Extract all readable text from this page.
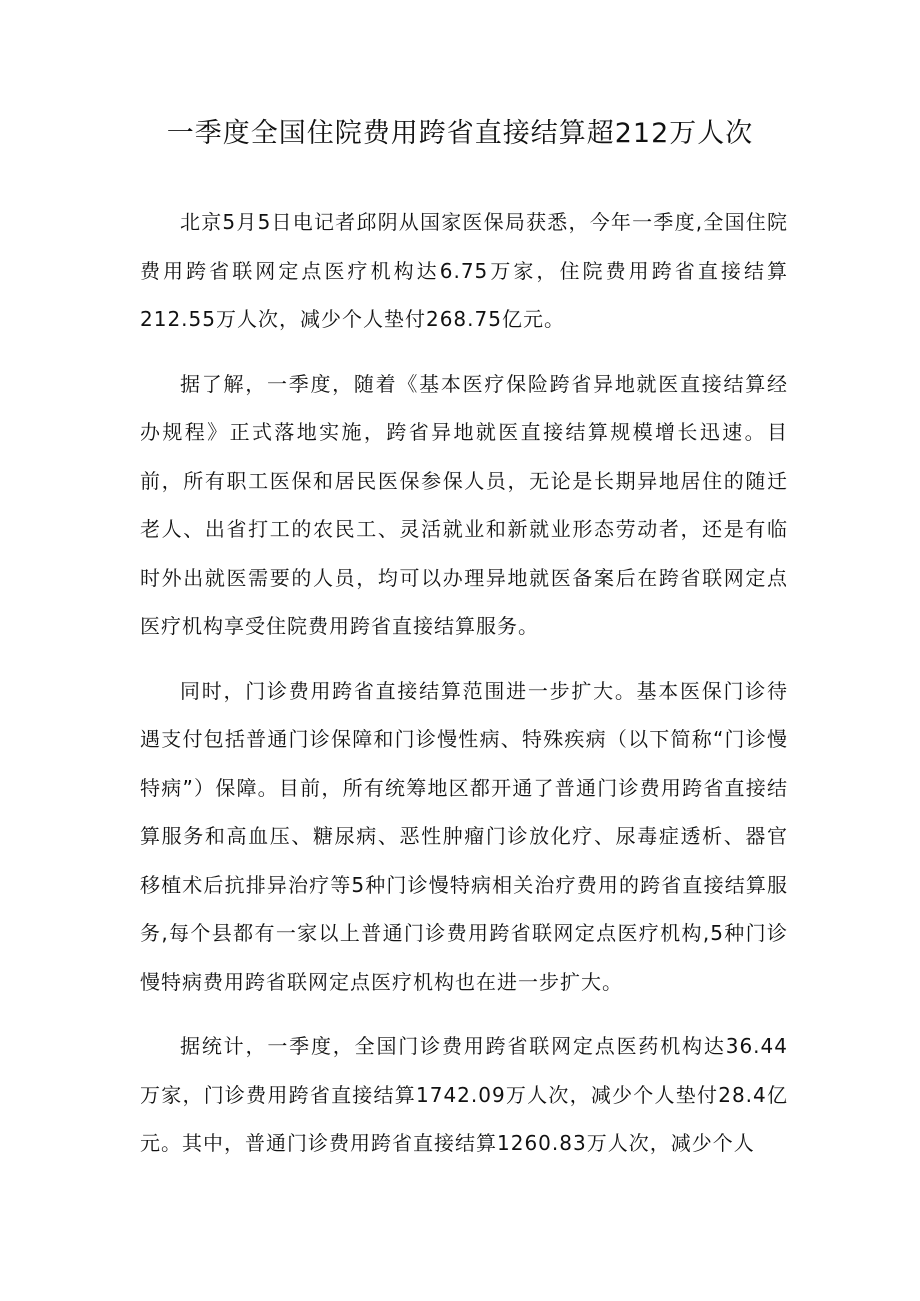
一季度全国住院费用跨省直接结算超212万人次

北京5月5日电记者邱阴从国家医保局获悉，今年一季度,全国住院费用跨省联网定点医疗机构达6.75万家，住院费用跨省直接结算212.55万人次，减少个人垫付268.75亿元。

据了解，一季度，随着《基本医疗保险跨省异地就医直接结算经办规程》正式落地实施，跨省异地就医直接结算规模增长迅速。目前，所有职工医保和居民医保参保人员，无论是长期异地居住的随迁老人、出省打工的农民工、灵活就业和新就业形态劳动者，还是有临时外出就医需要的人员，均可以办理异地就医备案后在跨省联网定点医疗机构享受住院费用跨省直接结算服务。

同时，门诊费用跨省直接结算范围进一步扩大。基本医保门诊待遇支付包括普通门诊保障和门诊慢性病、特殊疾病（以下简称“门诊慢特病”）保障。目前，所有统筹地区都开通了普通门诊费用跨省直接结算服务和高血压、糖尿病、恶性肿瘤门诊放化疗、尿毒症透析、器官移植术后抗排异治疗等5种门诊慢特病相关治疗费用的跨省直接结算服务,每个县都有一家以上普通门诊费用跨省联网定点医疗机构,5种门诊慢特病费用跨省联网定点医疗机构也在进一步扩大。

据统计，一季度，全国门诊费用跨省联网定点医药机构达36.44万家，门诊费用跨省直接结算1742.09万人次，减少个人垫付28.4亿元。其中，普通门诊费用跨省直接结算1260.83万人次，减少个人
